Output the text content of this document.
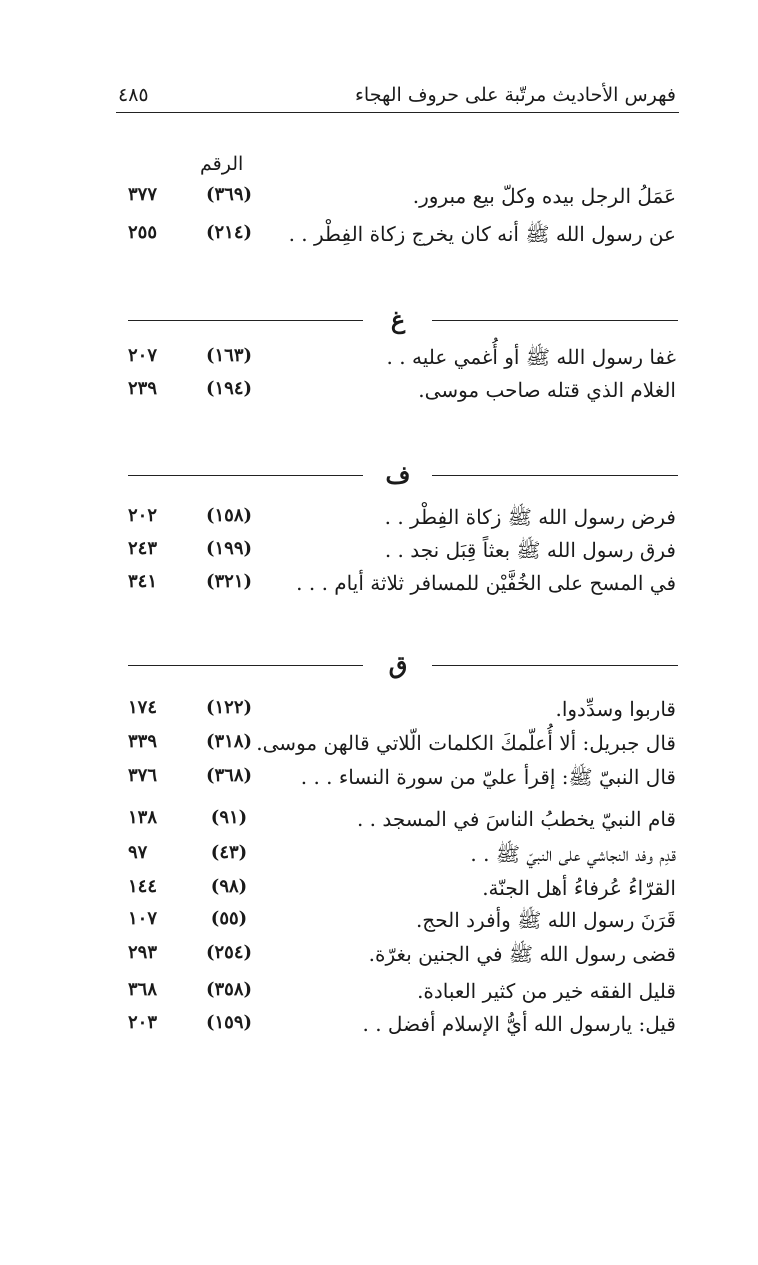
فهرس الأحاديث مرتّبة على حروف الهجاء
٤٨٥
الرقم
عَمَلُ الرجل بيده وكلّ بيع مبرور.
(٣٦٩)
٣٧٧
عن رسول الله ﷺ أنه كان يخرج زكاة الفِطْر . .
(٢١٤)
٢٥٥
غ
غفا رسول الله ﷺ أو أُغمي عليه . .
(١٦٣)
٢٠٧
الغلام الذي قتله صاحب موسى.
(١٩٤)
٢٣٩
ف
فرض رسول الله ﷺ زكاة الفِطْر . .
(١٥٨)
٢٠٢
فرق رسول الله ﷺ بعثاً قِبَل نجد . .
(١٩٩)
٢٤٣
في المسح على الخُفَّيْن للمسافر ثلاثة أيام . . .
(٣٢١)
٣٤١
ق
قاربوا وسدِّدوا.
(١٢٢)
١٧٤
قال جبريل: ألا أُعلّمكَ الكلمات الّلاتي قالهن موسى.
(٣١٨)
٣٣٩
قال النبيّ ﷺ: إقرأ عليّ من سورة النساء . . .
(٣٦٨)
٣٧٦
قام النبيّ يخطبُ الناسَ في المسجد . .
(٩١)
١٣٨
قدِم وفد النجاشي على النبيّ ﷺ . .
(٤٣)
٩٧
القرّاءُ عُرفاءُ أهل الجنّة.
(٩٨)
١٤٤
قَرَنَ رسول الله ﷺ وأفرد الحج.
(٥٥)
١٠٧
قضى رسول الله ﷺ في الجنين بغرّة.
(٢٥٤)
٢٩٣
قليل الفقه خير من كثير العبادة.
(٣٥٨)
٣٦٨
قيل: يارسول الله أيُّ الإسلام أفضل . .
(١٥٩)
٢٠٣
